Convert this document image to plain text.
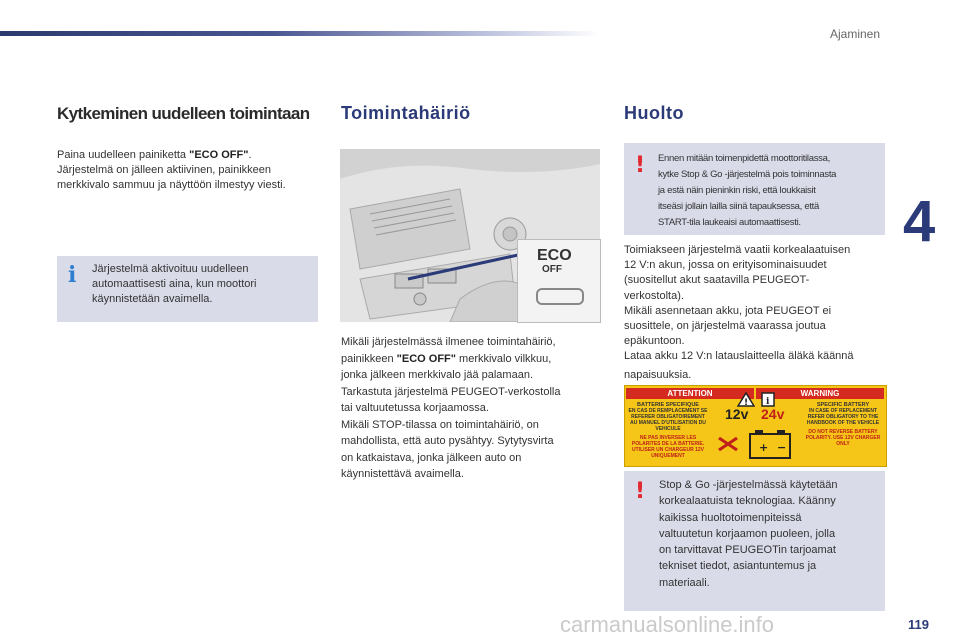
Ajaminen
4
119
Kytkeminen uudelleen toimintaan
Paina uudelleen painiketta "ECO OFF".
Järjestelmä on jälleen aktiivinen, painikkeen
merkkivalo sammuu ja näyttöön ilmestyy viesti.
i Järjestelmä aktivoituu uudelleen
automaattisesti aina, kun moottori
käynnistetään avaimella.
Toimintahäiriö
ECO
OFF
Mikäli järjestelmässä ilmenee toimintahäiriö,
painikkeen "ECO OFF" merkkivalo vilkkuu,
jonka jälkeen merkkivalo jää palamaan.
Tarkastuta järjestelmä PEUGEOT-verkostolla
tai valtuutetussa korjaamossa.
Mikäli STOP-tilassa on toimintahäiriö, on
mahdollista, että auto pysähtyy. Sytytysvirta
on katkaistava, jonka jälkeen auto on
käynnistettävä avaimella.
Huolto
! Ennen mitään toimenpidettä moottoritilassa,
kytke Stop & Go -järjestelmä pois toiminnasta
ja estä näin pieninkin riski, että loukkaisit
itseäsi jollain lailla siinä tapauksessa, että
START-tila laukeaisi automaattisesti.
Toimiakseen järjestelmä vaatii korkealaatuisen
12 V:n akun, jossa on erityisominaisuudet
(suositellut akut saatavilla PEUGEOT-
verkostolta).
Mikäli asennetaan akku, jota PEUGEOT ei
suosittele, on järjestelmä vaarassa joutua
epäkuntoon.
Lataa akku 12 V:n latauslaitteella äläkä käännä
napaisuuksia.
ATTENTION	WARNING
BATTERIE SPECIFIQUE
EN CAS DE REMPLACEMENT SE REFERER OBLIGATOIREMENT AU MANUEL D'UTILISATION DU VEHICULE
NE PAS INVERSER LES POLARITES DE LA BATTERIE. UTILISER UN CHARGEUR 12V UNIQUEMENT
SPECIFIC BATTERY
IN CASE OF REPLACEMENT REFER OBLIGATORY TO THE HANDBOOK OF THE VEHICLE
DO NOT REVERSE BATTERY POLARITY. USE 12V CHARGER ONLY
12v 24v
+ −
! i
! Stop & Go -järjestelmässä käytetään
korkealaatuista teknologiaa. Käänny
kaikissa huoltotoimenpiteissä
valtuutetun korjaamon puoleen, jolla
on tarvittavat PEUGEOTin tarjoamat
tekniset tiedot, asiantuntemus ja
materiaali.
carmanualsonline.info
